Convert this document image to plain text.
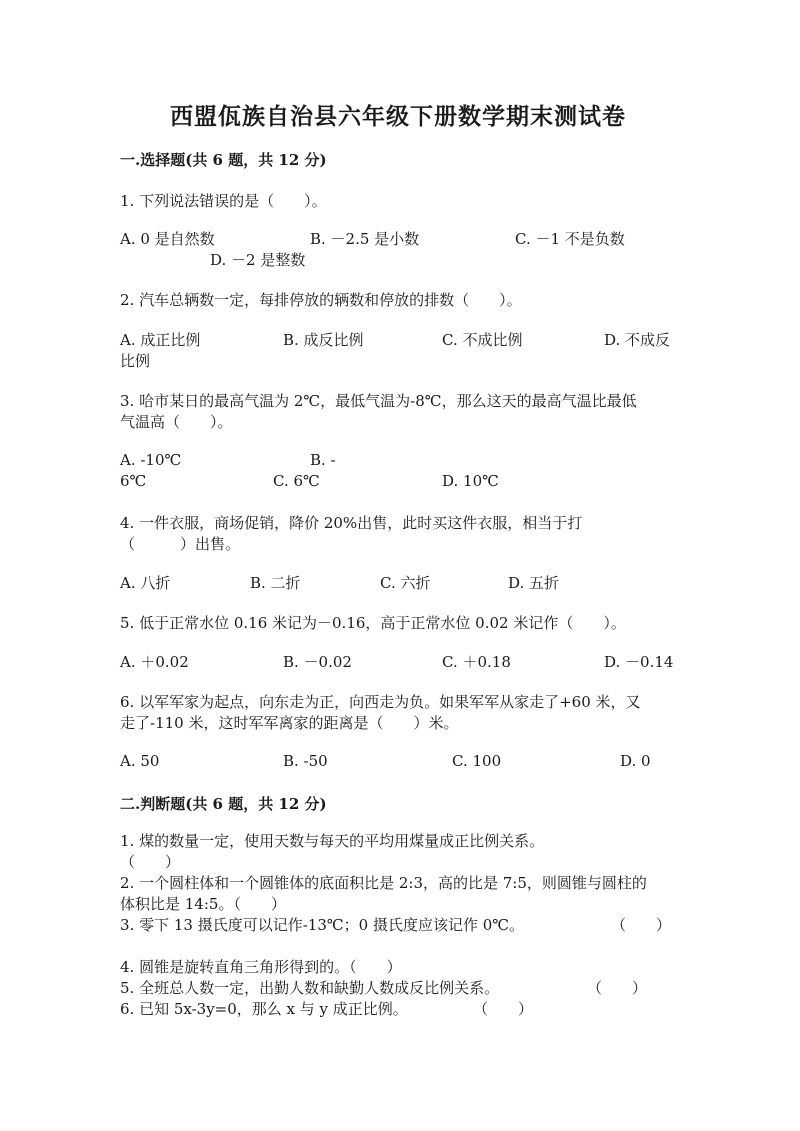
西盟佤族自治县六年级下册数学期末测试卷
一.选择题(共 6 题，共 12 分)
1. 下列说法错误的是（　　）。
A. 0 是自然数	B. －2.5 是小数	C. －1 不是负数
D. －2 是整数
2. 汽车总辆数一定，每排停放的辆数和停放的排数（　　）。
A. 成正比例	B. 成反比例	C. 不成比例	D. 不成反
比例
3. 哈市某日的最高气温为 2℃，最低气温为-8℃，那么这天的最高气温比最低
气温高（　　）。
A. -10℃	B. -
6℃	C. 6℃	D. 10℃
4. 一件衣服，商场促销，降价 20%出售，此时买这件衣服，相当于打
（　　　）出售。
A. 八折	B. 二折	C. 六折	D. 五折
5. 低于正常水位 0.16 米记为－0.16，高于正常水位 0.02 米记作（　　）。
A. ＋0.02	B. －0.02	C. ＋0.18	D. －0.14
6. 以军军家为起点，向东走为正，向西走为负。如果军军从家走了+60 米，又
走了-110 米，这时军军离家的距离是（　　）米。
A. 50	B. -50	C. 100	D. 0
二.判断题(共 6 题，共 12 分)
1. 煤的数量一定，使用天数与每天的平均用煤量成正比例关系。
（　　）
2. 一个圆柱体和一个圆锥体的底面积比是 2:3，高的比是 7:5，则圆锥与圆柱的
体积比是 14:5。（　　）
3. 零下 13 摄氏度可以记作-13℃；0 摄氏度应该记作 0℃。	（　　）
4. 圆锥是旋转直角三角形得到的。（　　）
5. 全班总人数一定，出勤人数和缺勤人数成反比例关系。	（　　）
6. 已知 5x-3y=0，那么 x 与 y 成正比例。	（　　）
